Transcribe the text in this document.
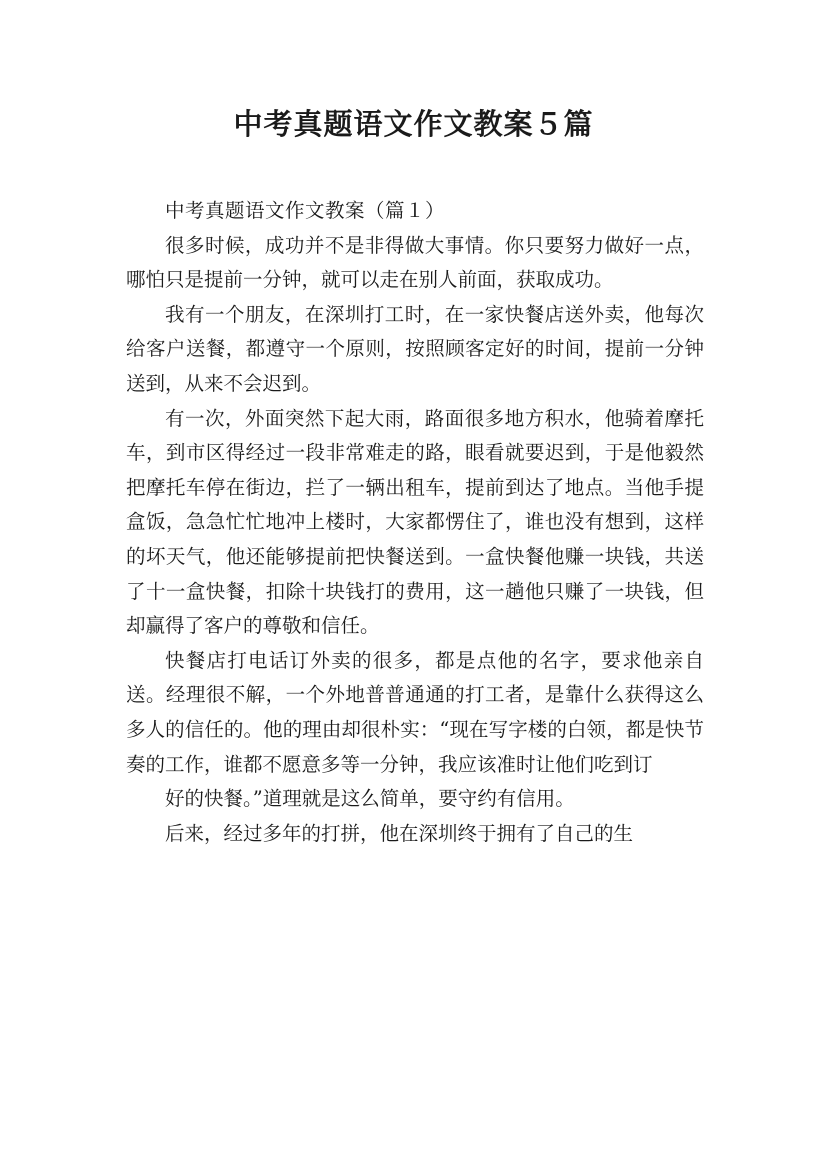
中考真题语文作文教案５篇

中考真题语文作文教案（篇１）

很多时候，成功并不是非得做大事情。你只要努力做好一点，哪怕只是提前一分钟，就可以走在别人前面，获取成功。

我有一个朋友，在深圳打工时，在一家快餐店送外卖，他每次给客户送餐，都遵守一个原则，按照顾客定好的时间，提前一分钟送到，从来不会迟到。

有一次，外面突然下起大雨，路面很多地方积水，他骑着摩托车，到市区得经过一段非常难走的路，眼看就要迟到，于是他毅然把摩托车停在街边，拦了一辆出租车，提前到达了地点。当他手提盒饭，急急忙忙地冲上楼时，大家都愣住了，谁也没有想到，这样的坏天气，他还能够提前把快餐送到。一盒快餐他赚一块钱，共送了十一盒快餐，扣除十块钱打的费用，这一趟他只赚了一块钱，但却赢得了客户的尊敬和信任。

快餐店打电话订外卖的很多，都是点他的名字，要求他亲自送。经理很不解，一个外地普普通通的打工者，是靠什么获得这么多人的信任的。他的理由却很朴实：“现在写字楼的白领，都是快节奏的工作，谁都不愿意多等一分钟，我应该准时让他们吃到订

好的快餐。”道理就是这么简单，要守约有信用。

后来，经过多年的打拼，他在深圳终于拥有了自己的生
